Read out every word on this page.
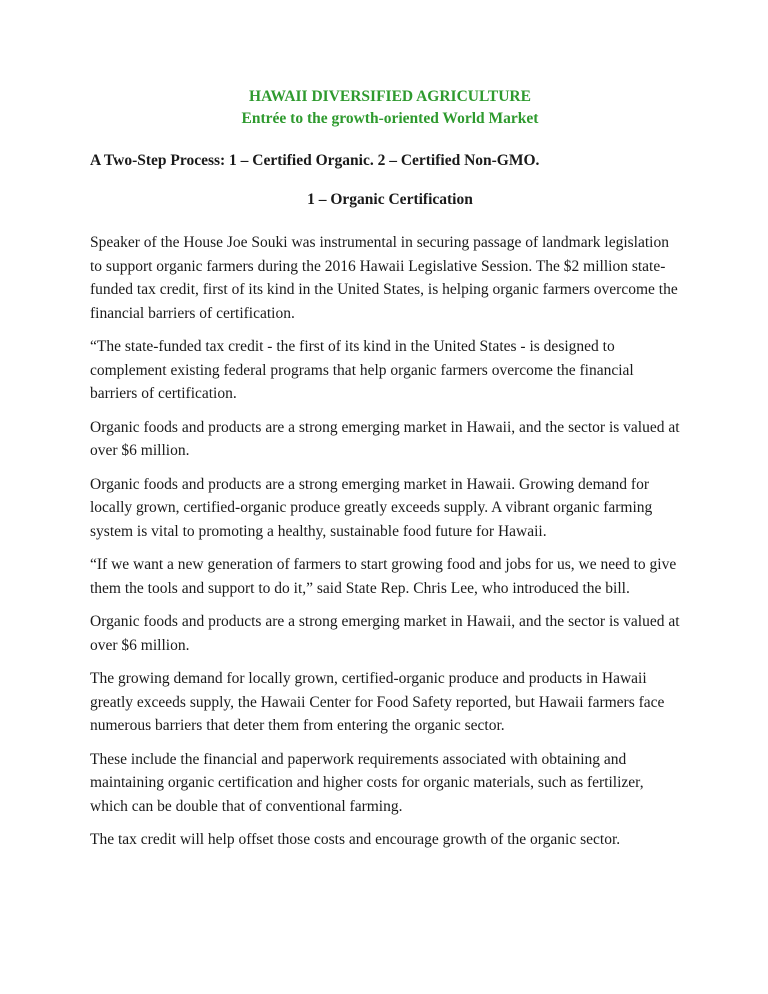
HAWAII DIVERSIFIED AGRICULTURE

Entrée to the growth-oriented World Market

A Two-Step Process: 1 – Certified Organic. 2 – Certified Non-GMO.

1 – Organic Certification

Speaker of the House Joe Souki was instrumental in securing passage of landmark legislation to support organic farmers during the 2016 Hawaii Legislative Session. The $2 million state-funded tax credit, first of its kind in the United States, is helping organic farmers overcome the financial barriers of certification.

“The state-funded tax credit - the first of its kind in the United States - is designed to complement existing federal programs that help organic farmers overcome the financial barriers of certification.

Organic foods and products are a strong emerging market in Hawaii, and the sector is valued at over $6 million.

Organic foods and products are a strong emerging market in Hawaii. Growing demand for locally grown, certified-organic produce greatly exceeds supply. A vibrant organic farming system is vital to promoting a healthy, sustainable food future for Hawaii.

“If we want a new generation of farmers to start growing food and jobs for us, we need to give them the tools and support to do it,” said State Rep. Chris Lee, who introduced the bill.

Organic foods and products are a strong emerging market in Hawaii, and the sector is valued at over $6 million.

The growing demand for locally grown, certified-organic produce and products in Hawaii greatly exceeds supply, the Hawaii Center for Food Safety reported, but Hawaii farmers face numerous barriers that deter them from entering the organic sector.

These include the financial and paperwork requirements associated with obtaining and maintaining organic certification and higher costs for organic materials, such as fertilizer, which can be double that of conventional farming.

The tax credit will help offset those costs and encourage growth of the organic sector.
